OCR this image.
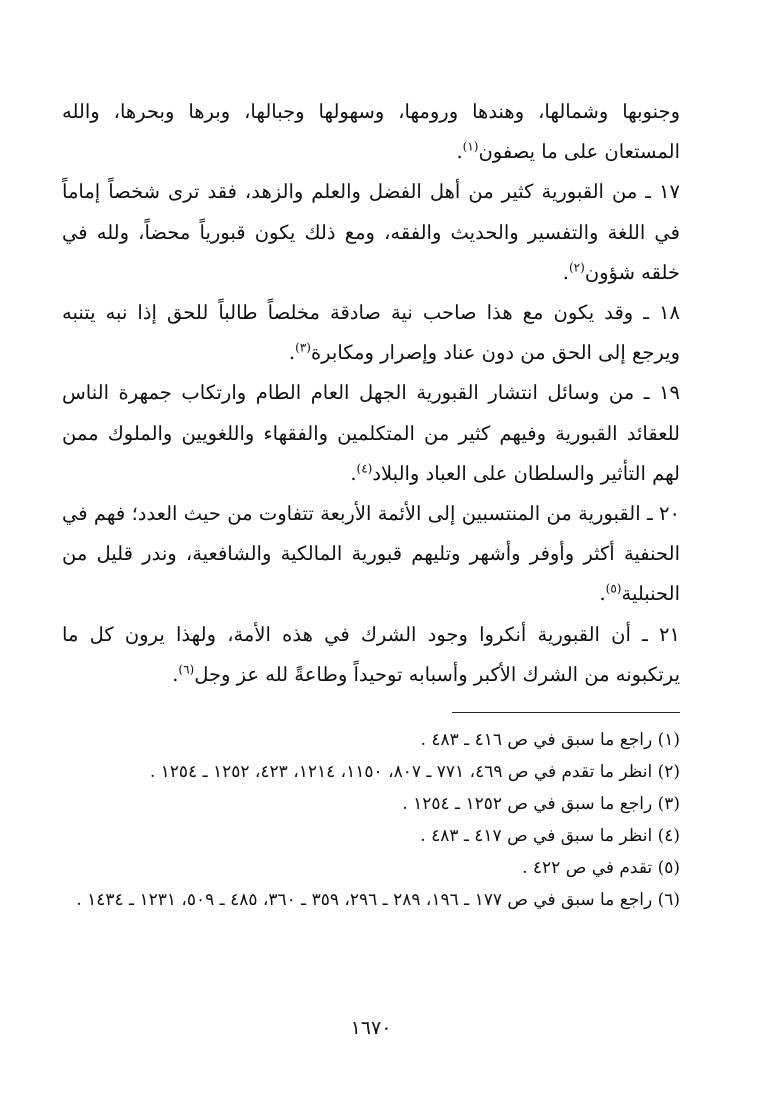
وجنوبها وشمالها، وهندها ورومها، وسهولها وجبالها، وبرها وبحرها، والله المستعان على ما يصفون$^{(١)}$.

١٧ ـ من القبورية كثير من أهل الفضل والعلم والزهد، فقد ترى شخصاً إماماً في اللغة والتفسير والحديث والفقه، ومع ذلك يكون قبورياً محضاً، ولله في خلقه شؤون$^{(٢)}$.

١٨ ـ وقد يكون مع هذا صاحب نية صادقة مخلصاً طالباً للحق إذا نبه يتنبه ويرجع إلى الحق من دون عناد وإصرار ومكابرة$^{(٣)}$.

١٩ ـ من وسائل انتشار القبورية الجهل العام الطام وارتكاب جمهرة الناس للعقائد القبورية وفيهم كثير من المتكلمين والفقهاء واللغويين والملوك ممن لهم التأثير والسلطان على العباد والبلاد$^{(٤)}$.

٢٠ ـ القبورية من المنتسبين إلى الأئمة الأربعة تتفاوت من حيث العدد؛ فهم في الحنفية أكثر وأوفر وأشهر وتليهم قبورية المالكية والشافعية، وندر قليل من الحنبلية$^{(٥)}$.

٢١ ـ أن القبورية أنكروا وجود الشرك في هذه الأمة، ولهذا يرون كل ما يرتكبونه من الشرك الأكبر وأسبابه توحيداً وطاعةً لله عز وجل$^{(٦)}$.

(١) راجع ما سبق في ص ٤١٦ ـ ٤٨٣ .

(٢) انظر ما تقدم في ص ٤٦٩، ٧٧١ ـ ٨٠٧، ١١٥٠، ١٢١٤، ٤٢٣، ١٢٥٢ ـ ١٢٥٤ .

(٣) راجع ما سبق في ص ١٢٥٢ ـ ١٢٥٤ .

(٤) انظر ما سبق في ص ٤١٧ ـ ٤٨٣ .

(٥) تقدم في ص ٤٢٢ .

(٦) راجع ما سبق في ص ١٧٧ ـ ١٩٦، ٢٨٩ ـ ٢٩٦، ٣٥٩ ـ ٣٦٠، ٤٨٥ ـ ٥٠٩، ١٢٣١ ـ ١٤٣٤ .

١٦٧٠
